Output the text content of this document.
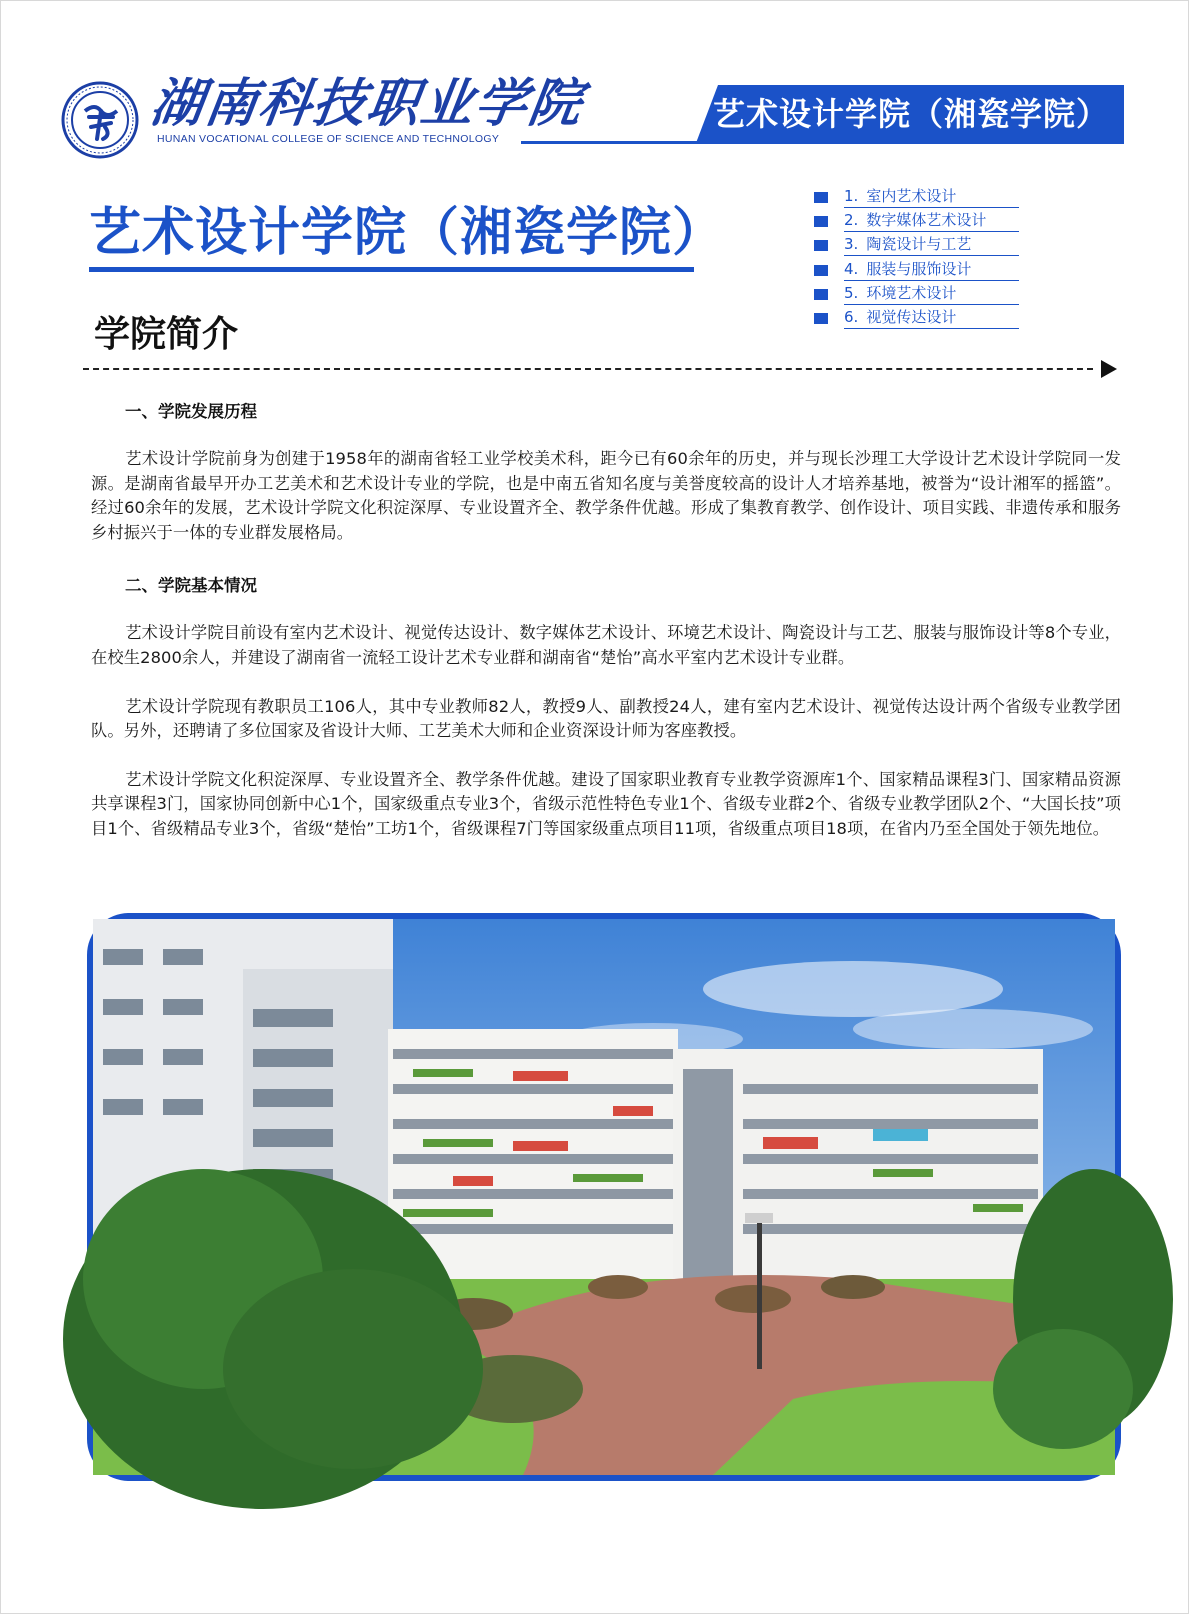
湖南科技职业学院
HUNAN VOCATIONAL COLLEGE OF SCIENCE AND TECHNOLOGY
艺术设计学院（湘瓷学院）
艺术设计学院（湘瓷学院）
学院简介
1. 室内艺术设计
2. 数字媒体艺术设计
3. 陶瓷设计与工艺
4. 服装与服饰设计
5. 环境艺术设计
6. 视觉传达设计

一、学院发展历程

艺术设计学院前身为创建于1958年的湖南省轻工业学校美术科，距今已有60余年的历史，并与现长沙理工大学设计艺术设计学院同一发源。是湖南省最早开办工艺美术和艺术设计专业的学院，也是中南五省知名度与美誉度较高的设计人才培养基地，被誉为“设计湘军的摇篮”。经过60余年的发展，艺术设计学院文化积淀深厚、专业设置齐全、教学条件优越。形成了集教育教学、创作设计、项目实践、非遗传承和服务乡村振兴于一体的专业群发展格局。

二、学院基本情况

艺术设计学院目前设有室内艺术设计、视觉传达设计、数字媒体艺术设计、环境艺术设计、陶瓷设计与工艺、服装与服饰设计等8个专业，在校生2800余人，并建设了湖南省一流轻工设计艺术专业群和湖南省“楚怡”高水平室内艺术设计专业群。

艺术设计学院现有教职员工106人，其中专业教师82人，教授9人、副教授24人，建有室内艺术设计、视觉传达设计两个省级专业教学团队。另外，还聘请了多位国家及省设计大师、工艺美术大师和企业资深设计师为客座教授。

艺术设计学院文化积淀深厚、专业设置齐全、教学条件优越。建设了国家职业教育专业教学资源库1个、国家精品课程3门、国家精品资源共享课程3门，国家协同创新中心1个，国家级重点专业3个，省级示范性特色专业1个、省级专业群2个、省级专业教学团队2个、“大国长技”项目1个、省级精品专业3个，省级“楚怡”工坊1个，省级课程7门等国家级重点项目11项，省级重点项目18项，在省内乃至全国处于领先地位。
